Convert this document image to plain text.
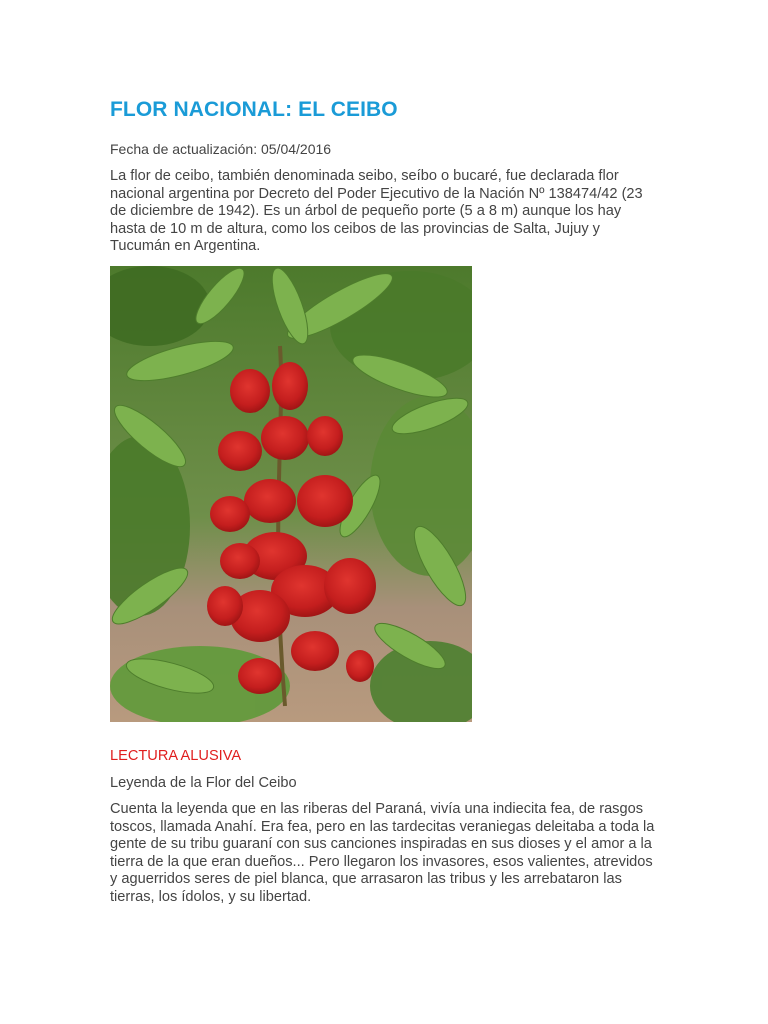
FLOR NACIONAL: EL CEIBO
Fecha de actualización: 05/04/2016

La flor de ceibo, también denominada seibo, seíbo o bucaré, fue declarada flor nacional argentina por Decreto del Poder Ejecutivo de la Nación Nº 138474/42 (23 de diciembre de 1942). Es un árbol de pequeño porte (5 a 8 m) aunque los hay hasta de 10 m de altura, como los ceibos de las provincias de Salta, Jujuy y Tucumán en Argentina.

LECTURA ALUSIVA
Leyenda de la Flor del Ceibo

Cuenta la leyenda que en las riberas del Paraná, vivía una indiecita fea, de rasgos toscos, llamada Anahí. Era fea, pero en las tardecitas veraniegas deleitaba a toda la gente de su tribu guaraní con sus canciones inspiradas en sus dioses y el amor a la tierra de la que eran dueños... Pero llegaron los invasores, esos valientes, atrevidos y aguerridos seres de piel blanca, que arrasaron las tribus y les arrebataron las tierras, los ídolos, y su libertad.
